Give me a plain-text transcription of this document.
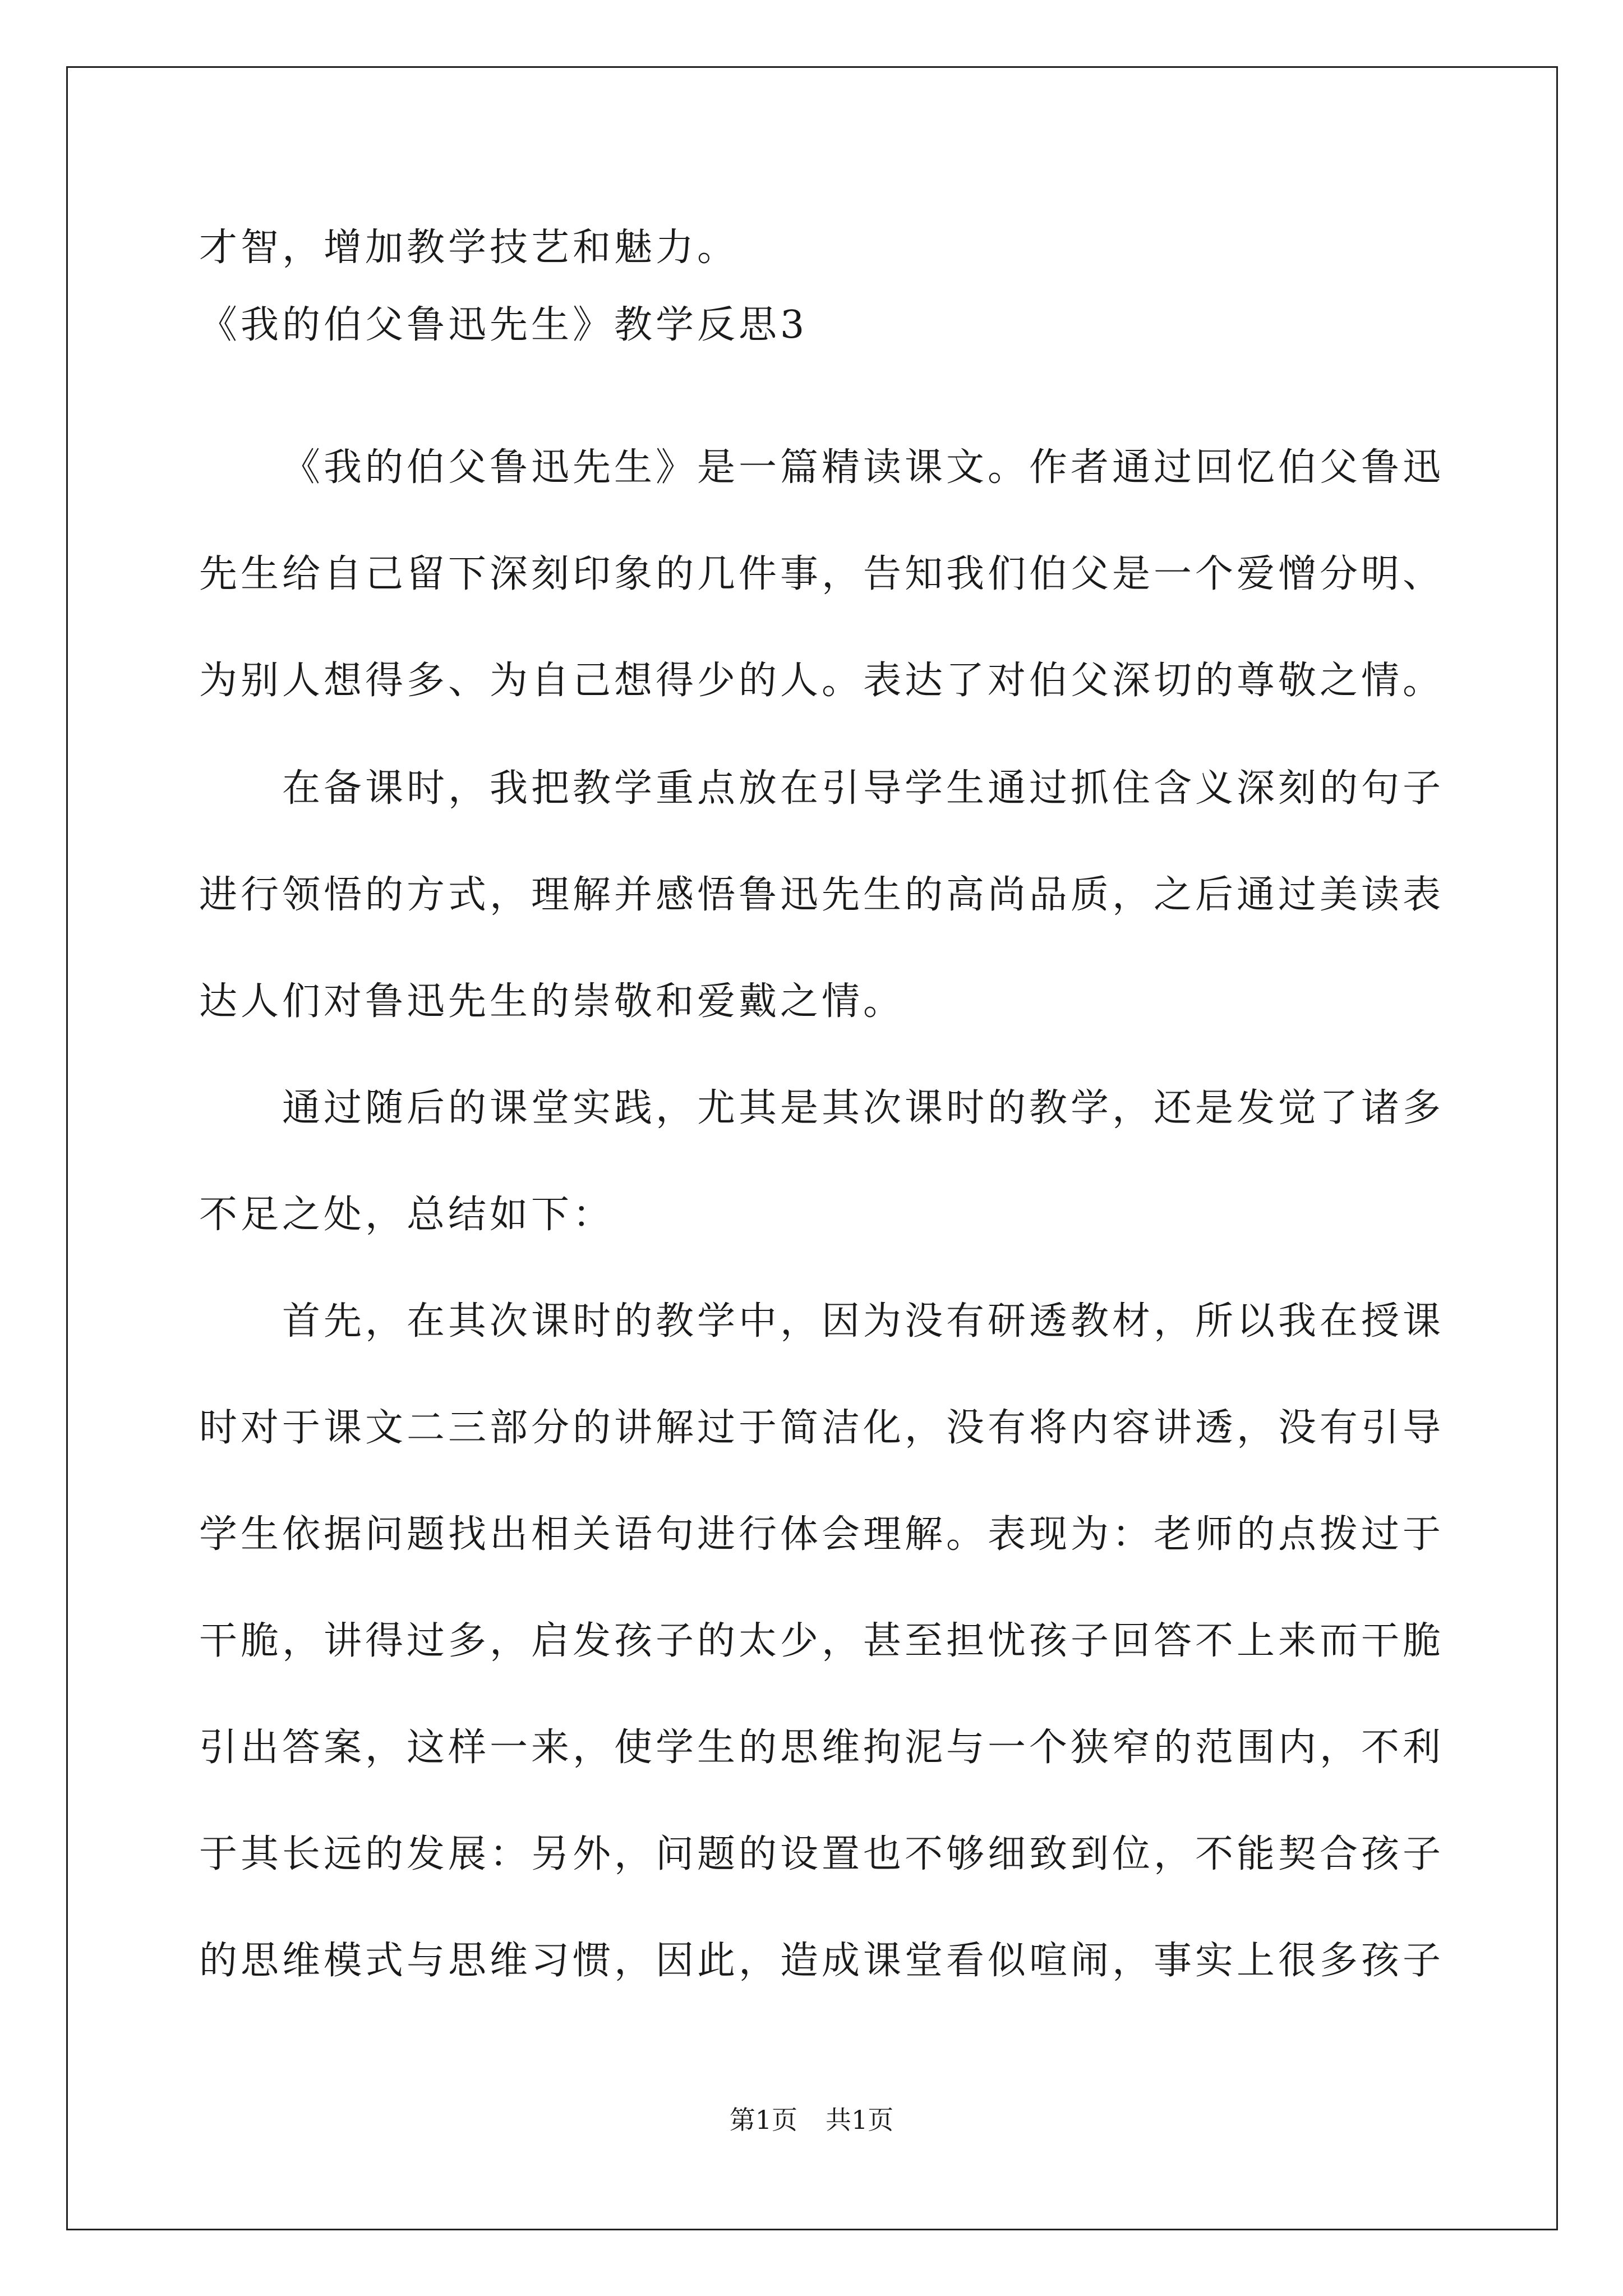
才智，增加教学技艺和魅力。
《我的伯父鲁迅先生》教学反思3
《我的伯父鲁迅先生》是一篇精读课文。作者通过回忆伯父鲁迅
先生给自己留下深刻印象的几件事，告知我们伯父是一个爱憎分明、
为别人想得多、为自己想得少的人。表达了对伯父深切的尊敬之情。
在备课时，我把教学重点放在引导学生通过抓住含义深刻的句子
进行领悟的方式，理解并感悟鲁迅先生的高尚品质，之后通过美读表
达人们对鲁迅先生的崇敬和爱戴之情。
通过随后的课堂实践，尤其是其次课时的教学，还是发觉了诸多
不足之处，总结如下：
首先，在其次课时的教学中，因为没有研透教材，所以我在授课
时对于课文二三部分的讲解过于简洁化，没有将内容讲透，没有引导
学生依据问题找出相关语句进行体会理解。表现为：老师的点拨过于
干脆，讲得过多，启发孩子的太少，甚至担忧孩子回答不上来而干脆
引出答案，这样一来，使学生的思维拘泥与一个狭窄的范围内，不利
于其长远的发展：另外，问题的设置也不够细致到位，不能契合孩子
的思维模式与思维习惯，因此，造成课堂看似喧闹，事实上很多孩子
第1页 共1页
